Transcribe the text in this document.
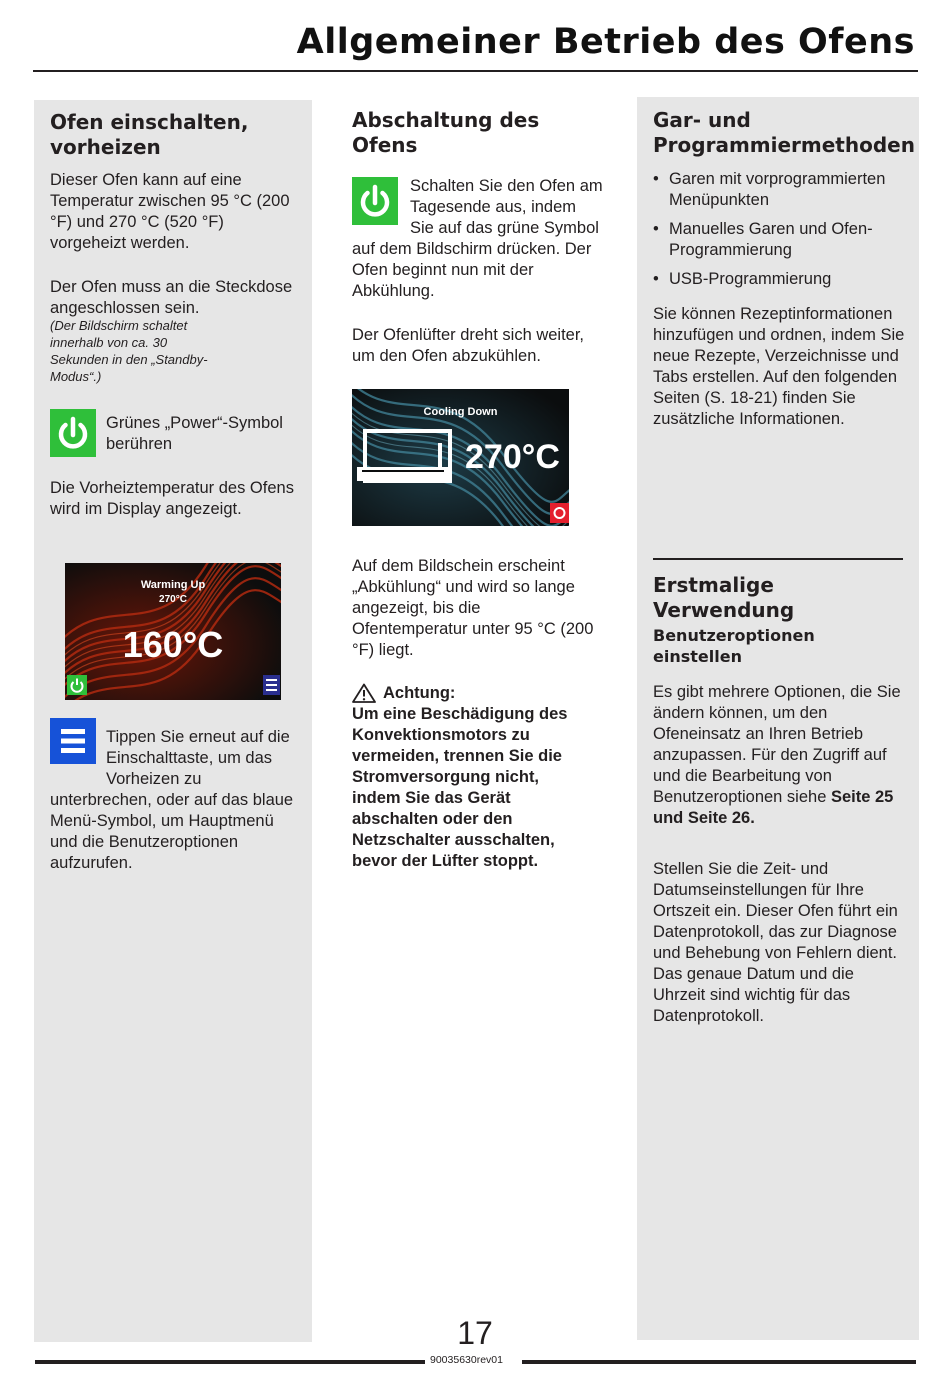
Allgemeiner Betrieb des Ofens
Ofen einschalten, vorheizen

Dieser Ofen kann auf eine Temperatur zwischen 95 °C (200 °F) und 270 °C (520 °F) vorgeheizt werden.

Der Ofen muss an die Steckdose angeschlossen sein.

(Der Bildschirm schaltet innerhalb von ca. 30 Sekunden in den „Standby-Modus“.)

Grünes „Power“-Symbol berühren

Die Vorheiztemperatur des Ofens wird im Display angezeigt.

Warming Up
270°C
160°C

Tippen Sie erneut auf die Einschalttaste, um das Vorheizen zu unterbrechen, oder auf das blaue Menü-Symbol, um Hauptmenü und die Benutzeroptionen aufzurufen.

Abschaltung des Ofens

Schalten Sie den Ofen am Tagesende aus, indem Sie auf das grüne Symbol auf dem Bildschirm drücken. Der Ofen beginnt nun mit der Abkühlung.

Der Ofenlüfter dreht sich weiter, um den Ofen abzukühlen.

Cooling Down
270°C

Auf dem Bildschein erscheint „Abkühlung“ und wird so lange angezeigt, bis die Ofentemperatur unter 95 °C (200 °F) liegt.

Achtung:

Um eine Beschädigung des Konvektionsmotors zu vermeiden, trennen Sie die Stromversorgung nicht, indem Sie das Gerät abschalten oder den Netzschalter ausschalten, bevor der Lüfter stoppt.

Gar- und Programmiermethoden
• Garen mit vorprogrammierten Menüpunkten
• Manuelles Garen und Ofen-Programmierung
• USB-Programmierung

Sie können Rezeptinformationen hinzufügen und ordnen, indem Sie neue Rezepte, Verzeichnisse und Tabs erstellen. Auf den folgenden Seiten (S. 18-21) finden Sie zusätzliche Informationen.

Erstmalige Verwendung
Benutzeroptionen einstellen

Es gibt mehrere Optionen, die Sie ändern können, um den Ofeneinsatz an Ihren Betrieb anzupassen. Für den Zugriff auf und die Bearbeitung von Benutzeroptionen siehe Seite 25 und Seite 26.

Stellen Sie die Zeit- und Datumseinstellungen für Ihre Ortszeit ein. Dieser Ofen führt ein Datenprotokoll, das zur Diagnose und Behebung von Fehlern dient. Das genaue Datum und die Uhrzeit sind wichtig für das Datenprotokoll.

17
90035630rev01
